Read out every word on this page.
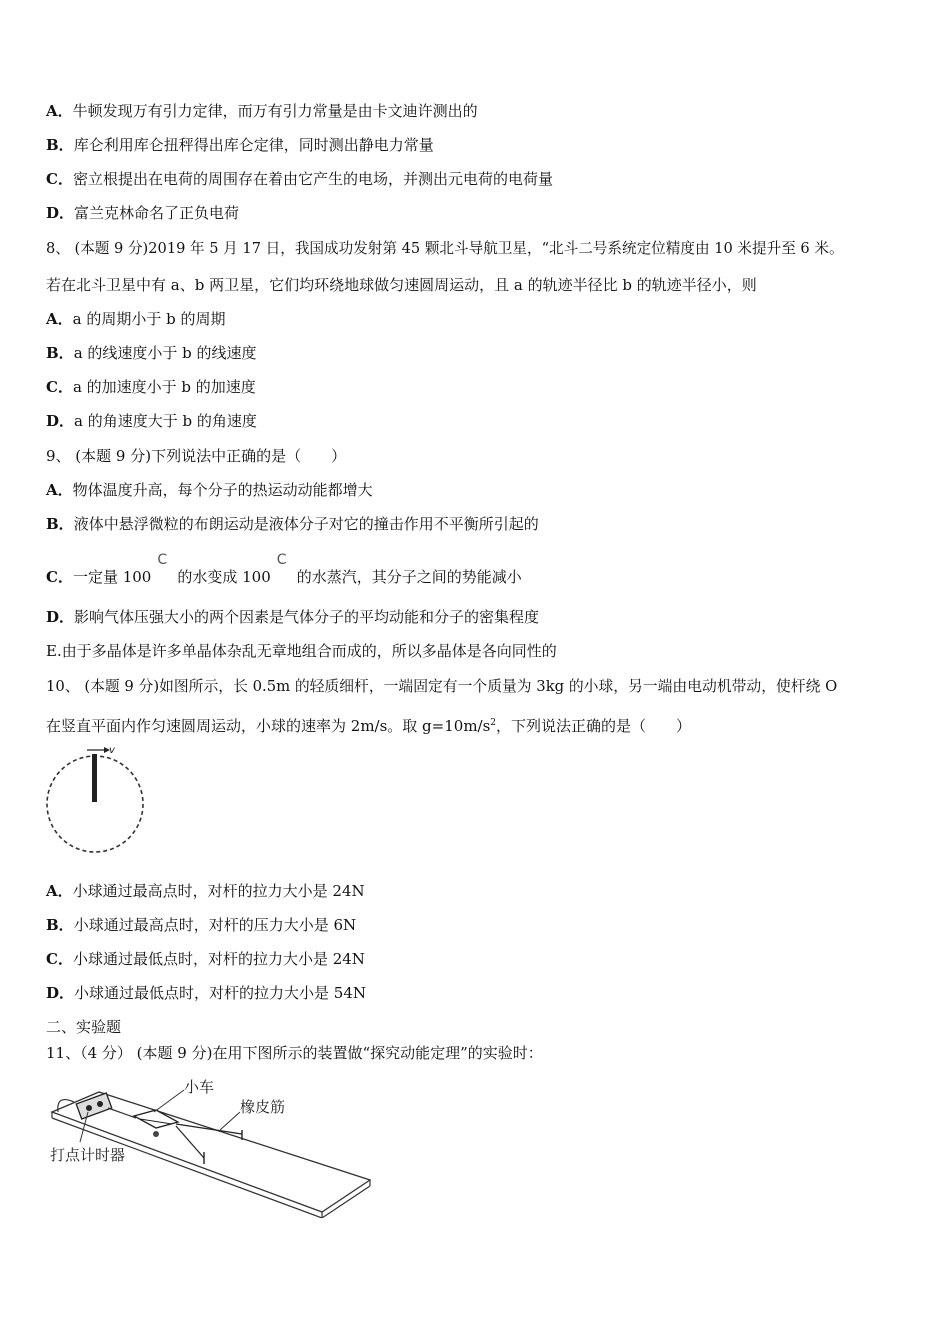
A．牛顿发现万有引力定律，而万有引力常量是由卡文迪许测出的
B．库仑利用库仑扭秤得出库仑定律，同时测出静电力常量
C．密立根提出在电荷的周围存在着由它产生的电场，并测出元电荷的电荷量
D．富兰克林命名了正负电荷
8、 (本题 9 分)2019 年 5 月 17 日，我国成功发射第 45 颗北斗导航卫星，“北斗二号系统定位精度由 10 米提升至 6 米。
若在北斗卫星中有 a、b 两卫星，它们均环绕地球做匀速圆周运动，且 a 的轨迹半径比 b 的轨迹半径小，则
A．a 的周期小于 b 的周期
B．a 的线速度小于 b 的线速度
C．a 的加速度小于 b 的加速度
D．a 的角速度大于 b 的角速度
9、 (本题 9 分)下列说法中正确的是（　　）
A．物体温度升高，每个分子的热运动动能都增大
B．液体中悬浮微粒的布朗运动是液体分子对它的撞击作用不平衡所引起的
C．一定量 100
C
的水变成 100
C
的水蒸汽，其分子之间的势能减小
D．影响气体压强大小的两个因素是气体分子的平均动能和分子的密集程度
E.由于多晶体是许多单晶体杂乱无章地组合而成的，所以多晶体是各向同性的
10、 (本题 9 分)如图所示，长 0.5m 的轻质细杆，一端固定有一个质量为 3kg 的小球，另一端由电动机带动，使杆绕 O
在竖直平面内作匀速圆周运动，小球的速率为 2m/s。取 $g=10m/s^2$，下列说法正确的是（　　）
v
A．小球通过最高点时，对杆的拉力大小是 24N
B．小球通过最高点时，对杆的压力大小是 6N
C．小球通过最低点时，对杆的拉力大小是 24N
D．小球通过最低点时，对杆的拉力大小是 54N
二、实验题
11、（4 分） (本题 9 分)在用下图所示的装置做“探究动能定理”的实验时：
小车
橡皮筋
打点计时器
